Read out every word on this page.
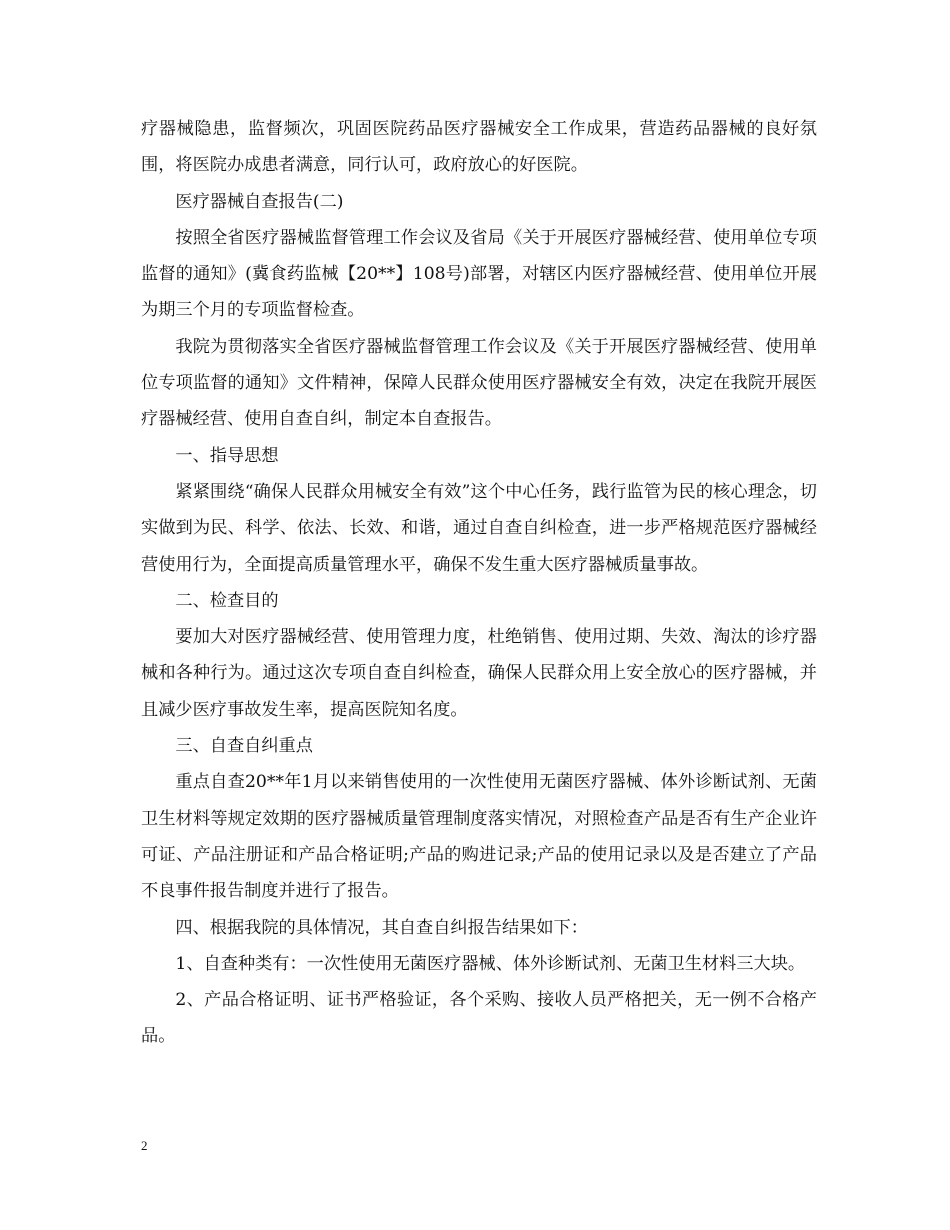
疗器械隐患，监督频次，巩固医院药品医疗器械安全工作成果，营造药品器械的良好氛围，将医院办成患者满意，同行认可，政府放心的好医院。

医疗器械自查报告(二)

按照全省医疗器械监督管理工作会议及省局《关于开展医疗器械经营、使用单位专项监督的通知》(冀食药监械【20**】108号)部署，对辖区内医疗器械经营、使用单位开展为期三个月的专项监督检查。

我院为贯彻落实全省医疗器械监督管理工作会议及《关于开展医疗器械经营、使用单位专项监督的通知》文件精神，保障人民群众使用医疗器械安全有效，决定在我院开展医疗器械经营、使用自查自纠，制定本自查报告。

一、指导思想

紧紧围绕“确保人民群众用械安全有效”这个中心任务，践行监管为民的核心理念，切实做到为民、科学、依法、长效、和谐，通过自查自纠检查，进一步严格规范医疗器械经营使用行为，全面提高质量管理水平，确保不发生重大医疗器械质量事故。

二、检查目的

要加大对医疗器械经营、使用管理力度，杜绝销售、使用过期、失效、淘汰的诊疗器械和各种行为。通过这次专项自查自纠检查，确保人民群众用上安全放心的医疗器械，并且减少医疗事故发生率，提高医院知名度。

三、自查自纠重点

重点自查20**年1月以来销售使用的一次性使用无菌医疗器械、体外诊断试剂、无菌卫生材料等规定效期的医疗器械质量管理制度落实情况，对照检查产品是否有生产企业许可证、产品注册证和产品合格证明;产品的购进记录;产品的使用记录以及是否建立了产品不良事件报告制度并进行了报告。

四、根据我院的具体情况，其自查自纠报告结果如下：

1、自查种类有：一次性使用无菌医疗器械、体外诊断试剂、无菌卫生材料三大块。

2、产品合格证明、证书严格验证，各个采购、接收人员严格把关，无一例不合格产品。

2
